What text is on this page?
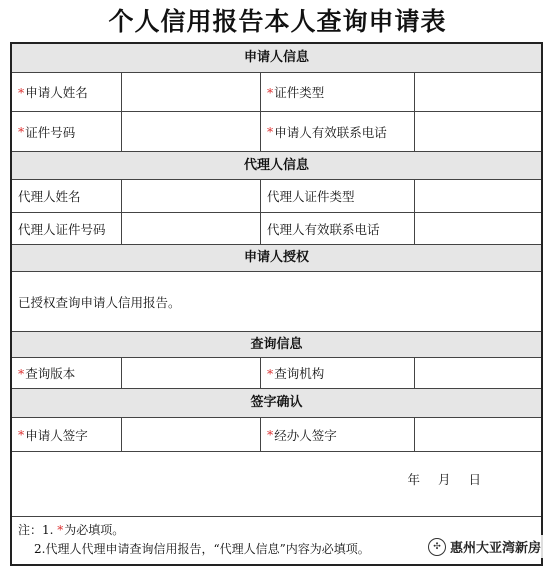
个人信用报告本人查询申请表
申请人信息
* 申请人姓名	* 证件类型
* 证件号码	* 申请人有效联系电话
代理人信息
代理人姓名	代理人证件类型
代理人证件号码	代理人有效联系电话
申请人授权
已授权查询申请人信用报告。
查询信息
* 查询版本	* 查询机构
签字确认
* 申请人签字	* 经办人签字
年 月 日
注：1. *为必填项。
2.代理人代理申请查询信用报告，“代理人信息”内容为必填项。	✣ 惠州大亚湾新房
